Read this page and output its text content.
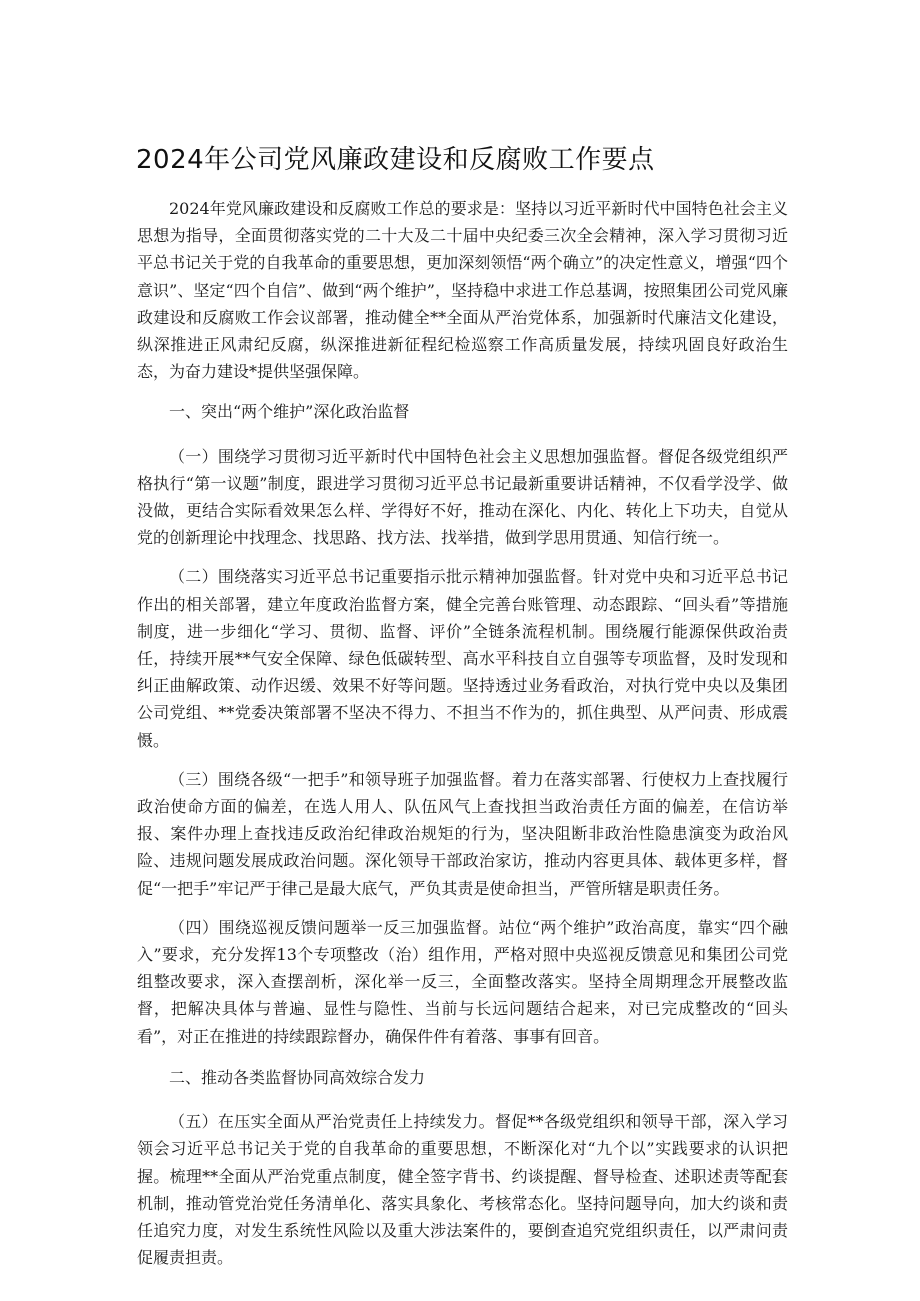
2024年公司党风廉政建设和反腐败工作要点

2024年党风廉政建设和反腐败工作总的要求是：坚持以习近平新时代中国特色社会主义思想为指导，全面贯彻落实党的二十大及二十届中央纪委三次全会精神，深入学习贯彻习近平总书记关于党的自我革命的重要思想，更加深刻领悟“两个确立”的决定性意义，增强“四个意识”、坚定“四个自信”、做到“两个维护”，坚持稳中求进工作总基调，按照集团公司党风廉政建设和反腐败工作会议部署，推动健全**全面从严治党体系，加强新时代廉洁文化建设，纵深推进正风肃纪反腐，纵深推进新征程纪检巡察工作高质量发展，持续巩固良好政治生态，为奋力建设*提供坚强保障。

一、突出“两个维护”深化政治监督

（一）围绕学习贯彻习近平新时代中国特色社会主义思想加强监督。督促各级党组织严格执行“第一议题”制度，跟进学习贯彻习近平总书记最新重要讲话精神，不仅看学没学、做没做，更结合实际看效果怎么样、学得好不好，推动在深化、内化、转化上下功夫，自觉从党的创新理论中找理念、找思路、找方法、找举措，做到学思用贯通、知信行统一。

（二）围绕落实习近平总书记重要指示批示精神加强监督。针对党中央和习近平总书记作出的相关部署，建立年度政治监督方案，健全完善台账管理、动态跟踪、“回头看”等措施制度，进一步细化“学习、贯彻、监督、评价”全链条流程机制。围绕履行能源保供政治责任，持续开展**气安全保障、绿色低碳转型、高水平科技自立自强等专项监督，及时发现和纠正曲解政策、动作迟缓、效果不好等问题。坚持透过业务看政治，对执行党中央以及集团公司党组、**党委决策部署不坚决不得力、不担当不作为的，抓住典型、从严问责、形成震慑。

（三）围绕各级“一把手”和领导班子加强监督。着力在落实部署、行使权力上查找履行政治使命方面的偏差，在选人用人、队伍风气上查找担当政治责任方面的偏差，在信访举报、案件办理上查找违反政治纪律政治规矩的行为，坚决阻断非政治性隐患演变为政治风险、违规问题发展成政治问题。深化领导干部政治家访，推动内容更具体、载体更多样，督促“一把手”牢记严于律己是最大底气，严负其责是使命担当，严管所辖是职责任务。

（四）围绕巡视反馈问题举一反三加强监督。站位“两个维护”政治高度，靠实“四个融入”要求，充分发挥13个专项整改（治）组作用，严格对照中央巡视反馈意见和集团公司党组整改要求，深入查摆剖析，深化举一反三，全面整改落实。坚持全周期理念开展整改监督，把解决具体与普遍、显性与隐性、当前与长远问题结合起来，对已完成整改的“回头看”，对正在推进的持续跟踪督办，确保件件有着落、事事有回音。

二、推动各类监督协同高效综合发力

（五）在压实全面从严治党责任上持续发力。督促**各级党组织和领导干部，深入学习领会习近平总书记关于党的自我革命的重要思想，不断深化对“九个以”实践要求的认识把握。梳理**全面从严治党重点制度，健全签字背书、约谈提醒、督导检查、述职述责等配套机制，推动管党治党任务清单化、落实具象化、考核常态化。坚持问题导向，加大约谈和责任追究力度，对发生系统性风险以及重大涉法案件的，要倒查追究党组织责任，以严肃问责促履责担责。
